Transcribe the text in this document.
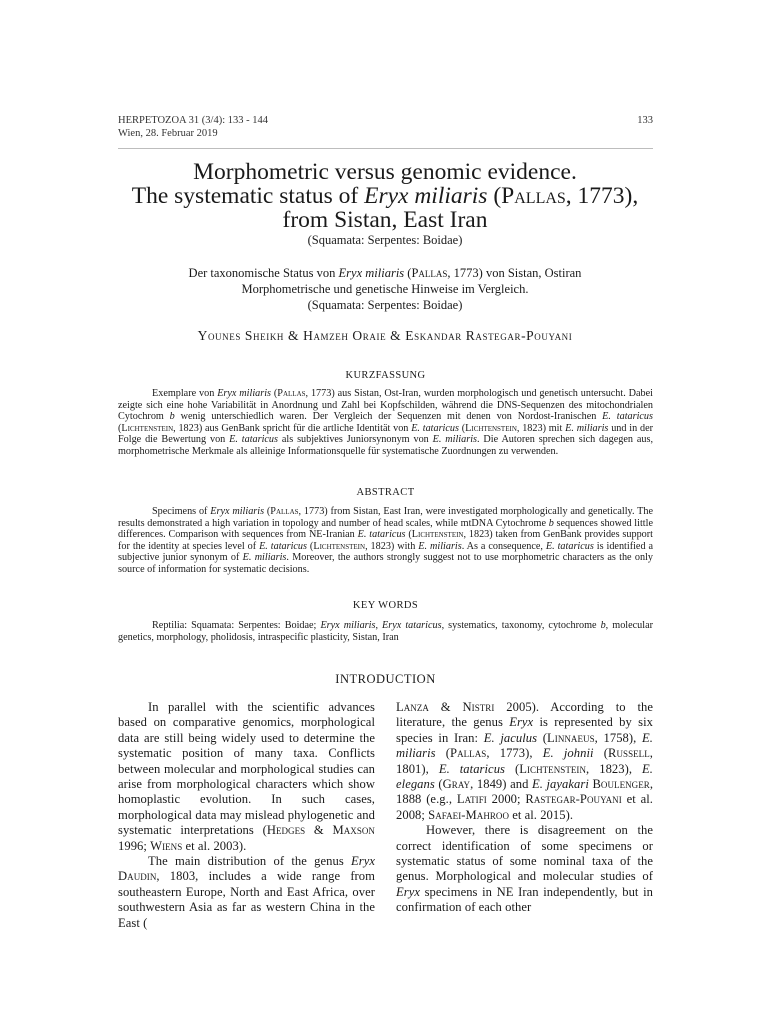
HERPETOZOA 31 (3/4): 133 - 144
Wien, 28. Februar 2019
133
Morphometric versus genomic evidence.
The systematic status of Eryx miliaris (Pallas, 1773),
from Sistan, East Iran
(Squamata: Serpentes: Boidae)
Der taxonomische Status von Eryx miliaris (Pallas, 1773) von Sistan, Ostiran
Morphometrische und genetische Hinweise im Vergleich.
(Squamata: Serpentes: Boidae)
Younes Sheikh & Hamzeh Oraie & Eskandar Rastegar-Pouyani
KURZFASSUNG
Exemplare von Eryx miliaris (Pallas, 1773) aus Sistan, Ost-Iran, wurden morphologisch und genetisch untersucht. Dabei zeigte sich eine hohe Variabilität in Anordnung und Zahl bei Kopfschilden, während die DNS-Sequenzen des mitochondrialen Cytochrom b wenig unterschiedlich waren. Der Vergleich der Sequenzen mit denen von Nordost-Iranischen E. tataricus (Lichtenstein, 1823) aus GenBank spricht für die artliche Identität von E. tataricus (Lichtenstein, 1823) mit E. miliaris und in der Folge die Bewertung von E. tataricus als subjektives Juniorsynonym von E. miliaris. Die Autoren sprechen sich dagegen aus, morphometrische Merkmale als alleinige Informationsquelle für systematische Zuordnungen zu verwenden.
ABSTRACT
Specimens of Eryx miliaris (Pallas, 1773) from Sistan, East Iran, were investigated morphologically and genetically. The results demonstrated a high variation in topology and number of head scales, while mtDNA Cytochrome b sequences showed little differences. Comparison with sequences from NE-Iranian E. tataricus (Lichtenstein, 1823) taken from GenBank provides support for the identity at species level of E. tataricus (Lichtenstein, 1823) with E. miliaris. As a consequence, E. tataricus is identified a subjective junior synonym of E. miliaris. Moreover, the authors strongly suggest not to use morphometric characters as the only source of information for systematic decisions.
KEY WORDS
Reptilia: Squamata: Serpentes: Boidae; Eryx miliaris, Eryx tataricus, systematics, taxonomy, cytochrome b, molecular genetics, morphology, pholidosis, intraspecific plasticity, Sistan, Iran
INTRODUCTION

In parallel with the scientific advances based on comparative genomics, morphological data are still being widely used to determine the systematic position of many taxa. Conflicts between molecular and morphological studies can arise from morphological characters which show homoplastic evolution. In such cases, morphological data may mislead phylogenetic and systematic interpretations (Hedges & Maxson 1996; Wiens et al. 2003).

The main distribution of the genus Eryx Daudin, 1803, includes a wide range from southeastern Europe, North and East Africa, over southwestern Asia as far as western China in the East (

Lanza & Nistri 2005). According to the literature, the genus Eryx is represented by six species in Iran: E. jaculus (Linnaeus, 1758), E. miliaris (Pallas, 1773), E. johnii (Russell, 1801), E. tataricus (Lichtenstein, 1823), E. elegans (Gray, 1849) and E. jayakari Boulenger, 1888 (e.g., Latifi 2000; Rastegar-Pouyani et al. 2008; Safaei-Mahroo et al. 2015).

However, there is disagreement on the correct identification of some specimens or systematic status of some nominal taxa of the genus. Morphological and molecular studies of Eryx specimens in NE Iran independently, but in confirmation of each other
